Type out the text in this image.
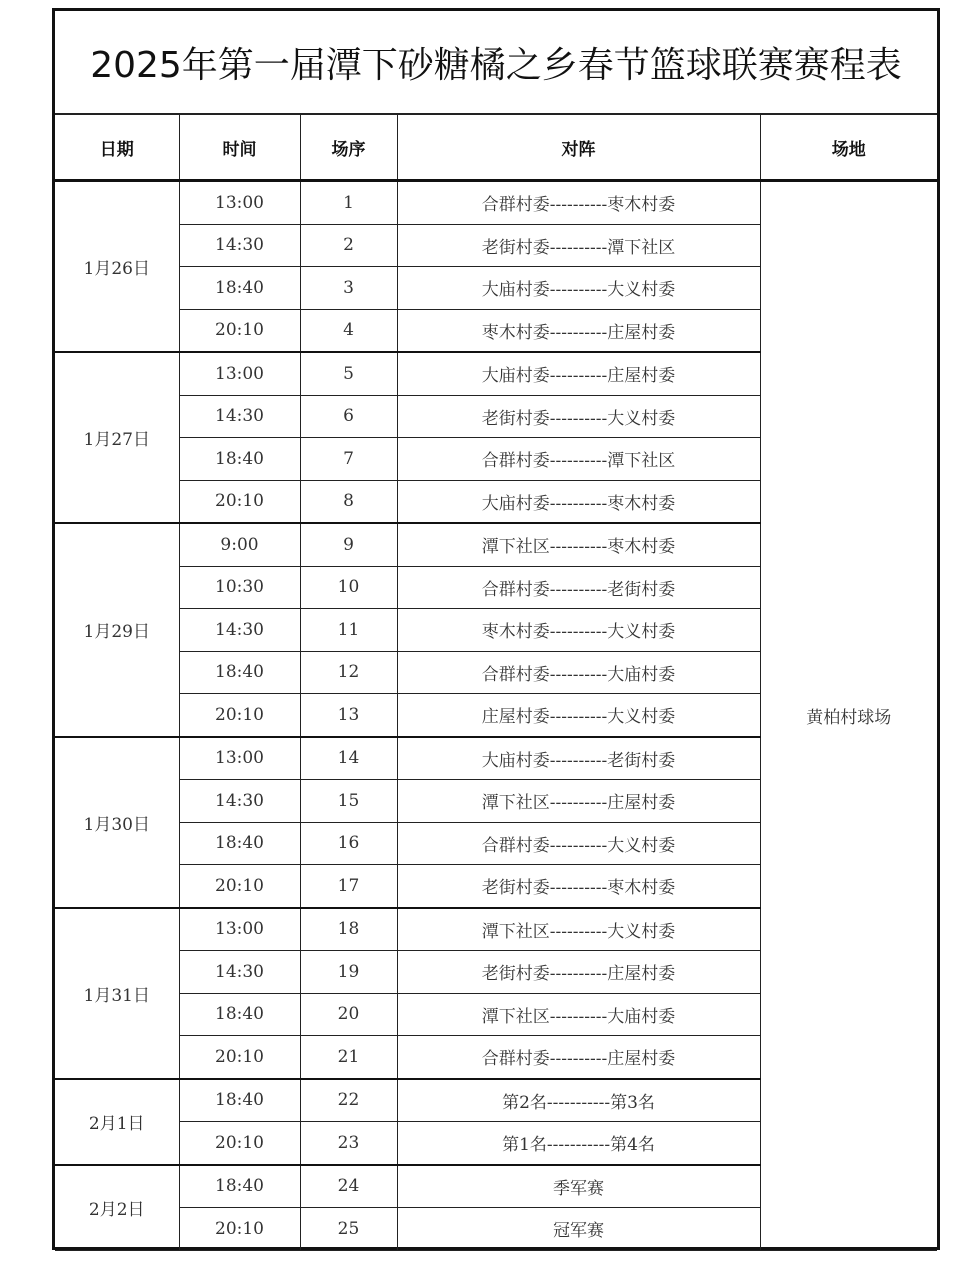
2025年第一届潭下砂糖橘之乡春节篮球联赛赛程表
日期	时间	场序	对阵	场地
1月26日	13:00	1	合群村委----------枣木村委	黄柏村球场
	14:30	2	老街村委----------潭下社区	
	18:40	3	大庙村委----------大义村委	
	20:10	4	枣木村委----------庄屋村委	
1月27日	13:00	5	大庙村委----------庄屋村委	
	14:30	6	老街村委----------大义村委	
	18:40	7	合群村委----------潭下社区	
	20:10	8	大庙村委----------枣木村委	
1月29日	9:00	9	潭下社区----------枣木村委	
	10:30	10	合群村委----------老街村委	
	14:30	11	枣木村委----------大义村委	
	18:40	12	合群村委----------大庙村委	
	20:10	13	庄屋村委----------大义村委	
1月30日	13:00	14	大庙村委----------老街村委	
	14:30	15	潭下社区----------庄屋村委	
	18:40	16	合群村委----------大义村委	
	20:10	17	老街村委----------枣木村委	
1月31日	13:00	18	潭下社区----------大义村委	
	14:30	19	老街村委----------庄屋村委	
	18:40	20	潭下社区----------大庙村委	
	20:10	21	合群村委----------庄屋村委	
2月1日	18:40	22	第2名-----------第3名	
	20:10	23	第1名-----------第4名	
2月2日	18:40	24	季军赛	
	20:10	25	冠军赛	
